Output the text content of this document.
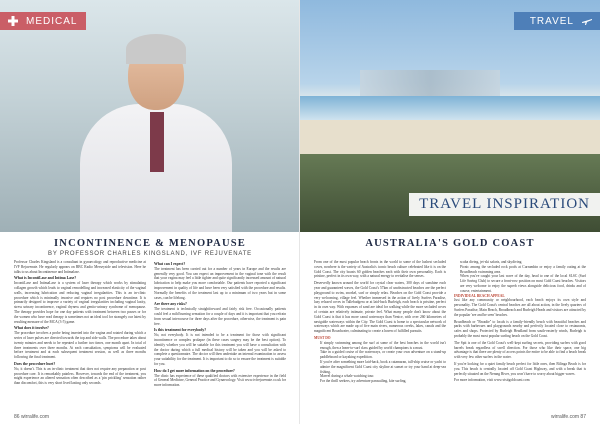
MEDICAL
INCONTINENCE & MENOPAUSE
BY PROFESSOR CHARLES KINGSLAND, IVF REJUVENATE

Professor Charles Kingsland is a consultant in gynaecology and reproductive medicine at IVF Rejuvenate. He regularly appears on BBC Radio Merseyside and television. Here he talks to us about Incontinence and Intimalase.

What is IncontiLase and Intima Lase?

IncontiLase and IntimaLase is a system of laser therapy which works by stimulating collagen growth which leads to vaginal remodelling and increased elasticity of the vaginal walls, increasing lubrication and reducing vaginal irregularities. This is an in-clinic procedure which is minimally invasive and requires no post procedure downtime. It is primarily designed to improve a variety of vaginal irregularities including vaginal laxity, stress urinary incontinence, vaginal dryness and genito-urinary syndrome of menopause. The therapy provides hope for one day patients with treatment between two passes or for the women who have read therapy is sometimes not an ideal tool for strangely our latest by resulting measure of the MCA (3-5) game.

What does it involve?

The procedure involves a probe being inserted into the vagina and rotated during which a series of laser pulses are directed towards the top and side walls. The procedure takes about twenty minutes and needs to be repeated a further two times, one month apart. In total of three treatments over three months. At each consultation, symptoms will be evaluated before treatment and at each subsequent treatment session, as well as three months following the final treatment.

Does the procedure hurt?

No, it doesn't. This is an in-clinic treatment that does not require any preparation or post procedure care. It is remarkably painless. However, towards the end of the treatment, you might experience an altered sensation often described as a 'pin prickling' sensation rather than discomfort, this is very short lived lasting only seconds.

What can I expect?

The treatment has been carried out for a number of years in Europe and the results are generally very good. You can expect an improvement in the vaginal tone with the result that your vagina may feel a little tighter and quite significantly increased amount of natural lubrication to help make you more comfortable. Our patients have reported a significant improvement in quality of life and have been very satisfied with the procedure and results. Normally the benefits of the treatment last up to a minimum of two years but in some cases, can be lifelong.

Are there any risks?

The treatment is technically straightforward and fairly risk free. Occasionally patients could feel a mild burning sensation for a couple of days and it is important that you refrain from sexual intercourse for three days after the procedure, otherwise, the treatment is pain free.

Is this treatment for everybody?

No, not everybody. It is not intended to be a treatment for those with significant incontinence or complex prolapse (in these cases surgery may be the best option). To identify whether you will be suitable for this treatment you will have a consultation with the doctor during which a full medical history will be taken and you will be asked to complete a questionnaire. The doctor will then undertake an internal examination to assess your suitability for the treatment. It is important to do so to ensure the treatment is suitable for you.

How do I get more information on the procedure?

The clinic has experience of these qualified doctors with extensive experience in the field of General Medicine, General Practice and Gynaecology. Visit www.ivfrejuvenate.co.uk for more information.

86 wirralife.com
TRAVEL INSPIRATION
TRAVEL
AUSTRALIA'S GOLD COAST

From one of the most popular beach fronts in the world to some of the lushest secluded coves, nowhere is the variety of Australia's iconic beach culture celebrated like it is on the Gold Coast. The city boasts 60 golden beaches each with their own personality. Each is pristine, perfect in its own way, with a natural energy to revitalise the senses.

Deservedly known around the world for crystal clear waters, 300 days of sunshine each year and guaranteed waves, the Gold Coast's 57km of unobstructed beaches are the perfect playground to swim, snorkel, surf or simply relax. Beaches on the Gold Coast provide a very welcoming, village feel. Whether immersed in the action of lively Surfers Paradise, lazy relaxed coves in Tallebudgera or at laid-back Burleigh, each beach is pristine, perfect in its own way. With expanses of sand are ideal for walking while the more secluded coves of certain are relatively intimate, private feel. What many people don't know about the Gold Coast is that it has more canal waterways than Venice, with over 260 kilometres of navigable waterways within the City. The Gold Coast is home to a spectacular network of waterways which are made up of five main rivers, numerous creeks, lakes, canals and the magnificent Broadwater, culminating to create a haven of fulfilled pursuits.

MUST DO
• If simply swimming among the surf at some of the best beaches in the world isn't enough, then a learn-to-surf class guided by world champions is a must.
• Take in a guided cruise of the waterways, or create your own adventure on a stand-up paddleboard or kayaking expedition.
• If you're after something more laid-back, book a catamaran, tall-ship cruise or yacht to admire the magnificent Gold Coast city skyline at sunset or try your hand at deep-sea fishing.
• Marvel during a whale watching tour.
• For the thrill seekers, try adventure parasailing, kite surfing,
• scuba diving, jet-ski safaris, and skydiving.
• Picnic among the secluded rock pools at Currumbin or enjoy a family outing at the Broadbeach swimming area.
• When you've caught your last wave of the day, head to one of the local SLSC (Surf Life Saving Club) to secure a front-row position on most Gold Coast beaches. Visitors are very welcome to enjoy the superb views alongside delicious food, drinks and of course, entertainment.
INDIVIDUAL BEACH APPEAL

Just like any community or neighbourhood, each beach enjoys its own style and personality. The Gold Coast's central beaches are all about action, in the lively quarters of Surfers Paradise, Main Beach, Broadbeach and Burleigh Heads and visitors are attracted by the popular 'see and be seen' beaches.

Broadbeach or "Broadie" to locals is a family-friendly beach with beautiful beaches and parks with barbecues and playgrounds nearby and perfectly located close to restaurants, cafes and shops. Protected by Burleigh Headland from south-easterly winds, Burleigh is probably the most most popular surfing beach on the Gold Coast.

The Spit is one of the Gold Coast's well-kept surfing secrets, providing surfers with good barrels break regardless of swell direction. For those who like their space, one big advantage is that there are plenty of access points the entire to be able to find a beach break with very few other surfers in the water.

If you're looking for a quiet family beach perfect for little ones, then Bilinga Beach is for you. This beach is centrally located off Gold Coast Highway, and with a break that is perfectly situated on the Nerang River, you won't have to worry about bigger waves.

For more information, visit www.visitgoldcoast.com

wirralife.com 87
